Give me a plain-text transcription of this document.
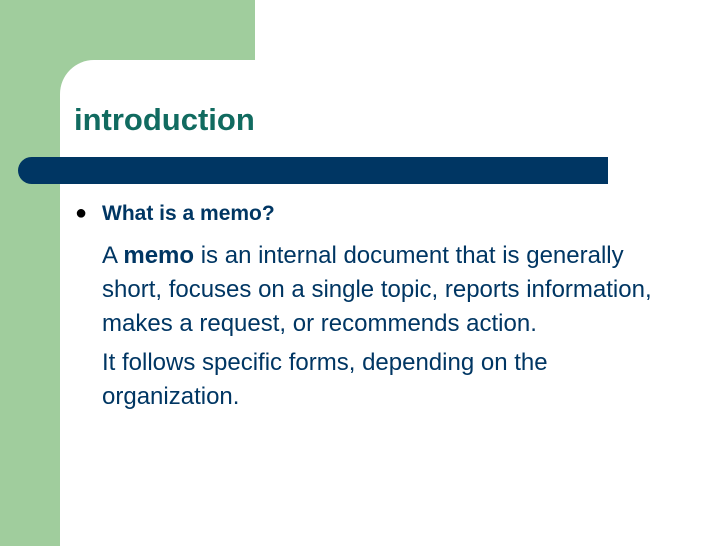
introduction
● What is a memo?

A memo is an internal document that is generally short, focuses on a single topic, reports information, makes a request, or recommends action.

It follows specific forms, depending on the organization.
